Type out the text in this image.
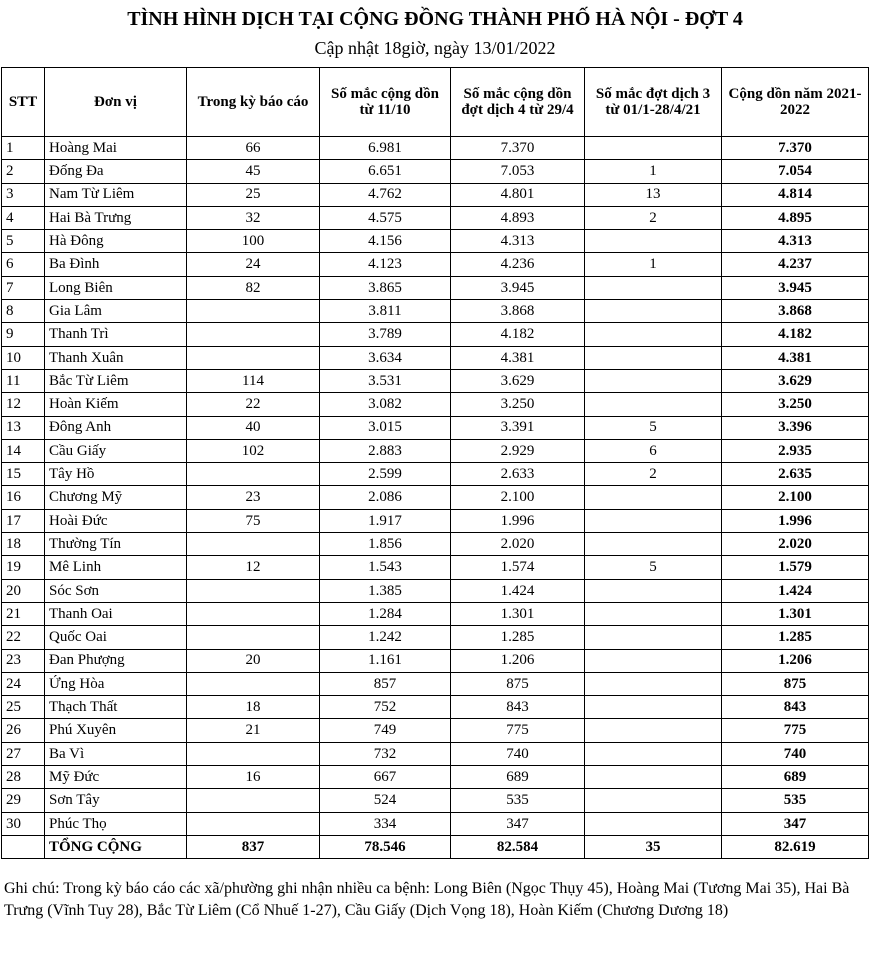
TÌNH HÌNH DỊCH TẠI CỘNG ĐỒNG THÀNH PHỐ HÀ NỘI - ĐỢT 4
Cập nhật 18giờ, ngày 13/01/2022
STT	Đơn vị	Trong kỳ báo cáo	Số mắc cộng dồn từ 11/10	Số mắc cộng dồn đợt dịch 4 từ 29/4	Số mắc đợt dịch 3 từ 01/1-28/4/21	Cộng dồn năm 2021-2022
1	Hoàng Mai	66	6.981	7.370		7.370
2	Đống Đa	45	6.651	7.053	1	7.054
3	Nam Từ Liêm	25	4.762	4.801	13	4.814
4	Hai Bà Trưng	32	4.575	4.893	2	4.895
5	Hà Đông	100	4.156	4.313		4.313
6	Ba Đình	24	4.123	4.236	1	4.237
7	Long Biên	82	3.865	3.945		3.945
8	Gia Lâm		3.811	3.868		3.868
9	Thanh Trì		3.789	4.182		4.182
10	Thanh Xuân		3.634	4.381		4.381
11	Bắc Từ Liêm	114	3.531	3.629		3.629
12	Hoàn Kiếm	22	3.082	3.250		3.250
13	Đông Anh	40	3.015	3.391	5	3.396
14	Cầu Giấy	102	2.883	2.929	6	2.935
15	Tây Hồ		2.599	2.633	2	2.635
16	Chương Mỹ	23	2.086	2.100		2.100
17	Hoài Đức	75	1.917	1.996		1.996
18	Thường Tín		1.856	2.020		2.020
19	Mê Linh	12	1.543	1.574	5	1.579
20	Sóc Sơn		1.385	1.424		1.424
21	Thanh Oai		1.284	1.301		1.301
22	Quốc Oai		1.242	1.285		1.285
23	Đan Phượng	20	1.161	1.206		1.206
24	Ứng Hòa		857	875		875
25	Thạch Thất	18	752	843		843
26	Phú Xuyên	21	749	775		775
27	Ba Vì		732	740		740
28	Mỹ Đức	16	667	689		689
29	Sơn Tây		524	535		535
30	Phúc Thọ		334	347		347
	TỔNG CỘNG	837	78.546	82.584	35	82.619
Ghi chú: Trong kỳ báo cáo các xã/phường ghi nhận nhiều ca bệnh: Long Biên (Ngọc Thụy 45), Hoàng Mai (Tương Mai 35), Hai Bà Trưng (Vĩnh Tuy 28), Bắc Từ Liêm (Cổ Nhuế 1-27), Cầu Giấy (Dịch Vọng 18), Hoàn Kiếm (Chương Dương 18)
